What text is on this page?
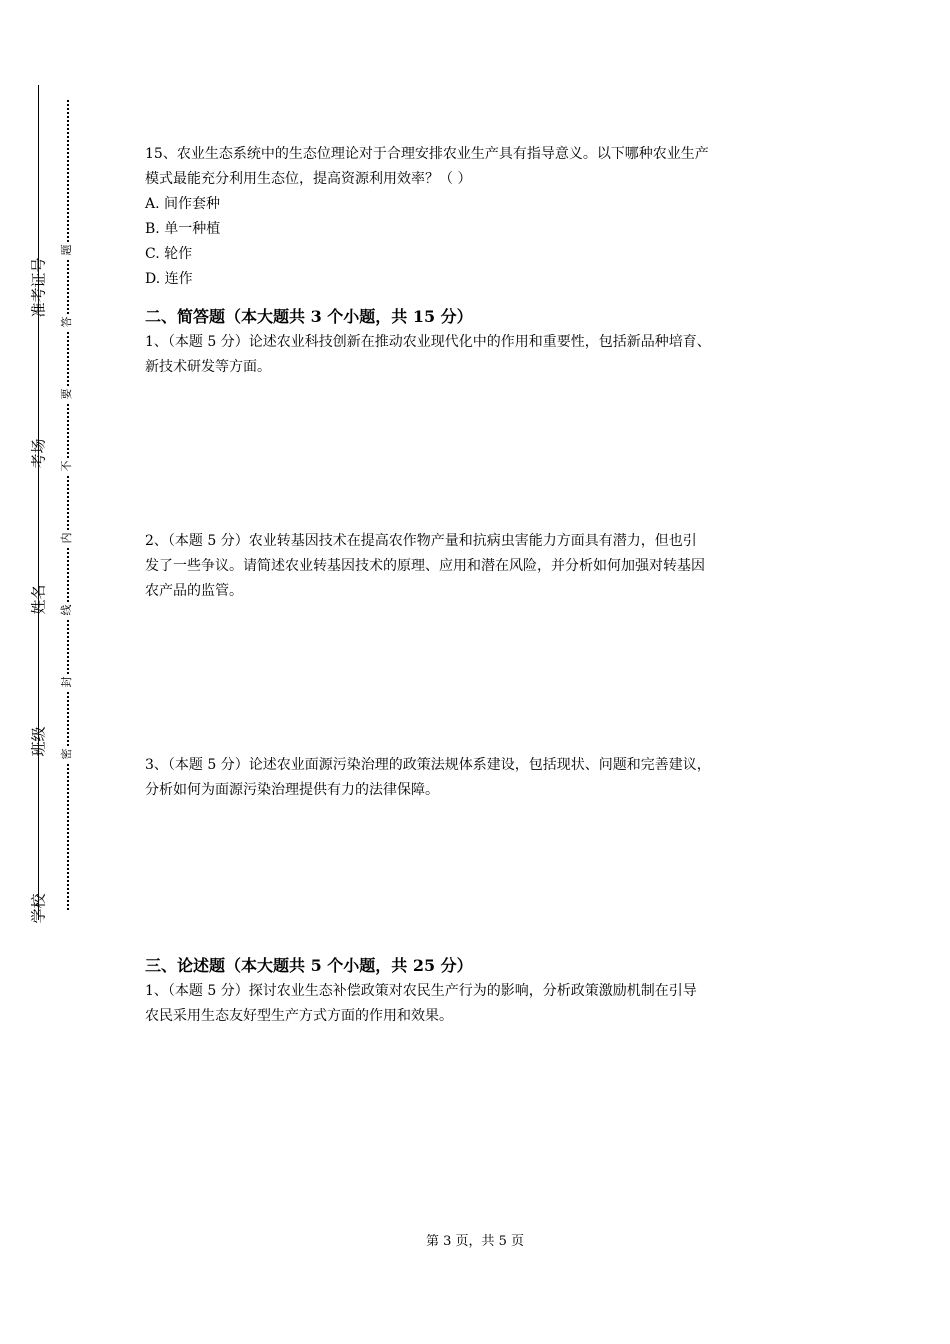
准考证号
考场
姓名
班级
学校
题
答
要
不
内
线
封
密
15、农业生态系统中的生态位理论对于合理安排农业生产具有指导意义。以下哪种农业生产
模式最能充分利用生态位，提高资源利用效率？（ ）
A. 间作套种
B. 单一种植
C. 轮作
D. 连作
二、简答题（本大题共 3 个小题，共 15 分）
1、（本题 5 分）论述农业科技创新在推动农业现代化中的作用和重要性，包括新品种培育、
新技术研发等方面。
2、（本题 5 分）农业转基因技术在提高农作物产量和抗病虫害能力方面具有潜力，但也引
发了一些争议。请简述农业转基因技术的原理、应用和潜在风险，并分析如何加强对转基因
农产品的监管。
3、（本题 5 分）论述农业面源污染治理的政策法规体系建设，包括现状、问题和完善建议，
分析如何为面源污染治理提供有力的法律保障。
三、论述题（本大题共 5 个小题，共 25 分）
1、（本题 5 分）探讨农业生态补偿政策对农民生产行为的影响，分析政策激励机制在引导
农民采用生态友好型生产方式方面的作用和效果。
第 3 页，共 5 页
